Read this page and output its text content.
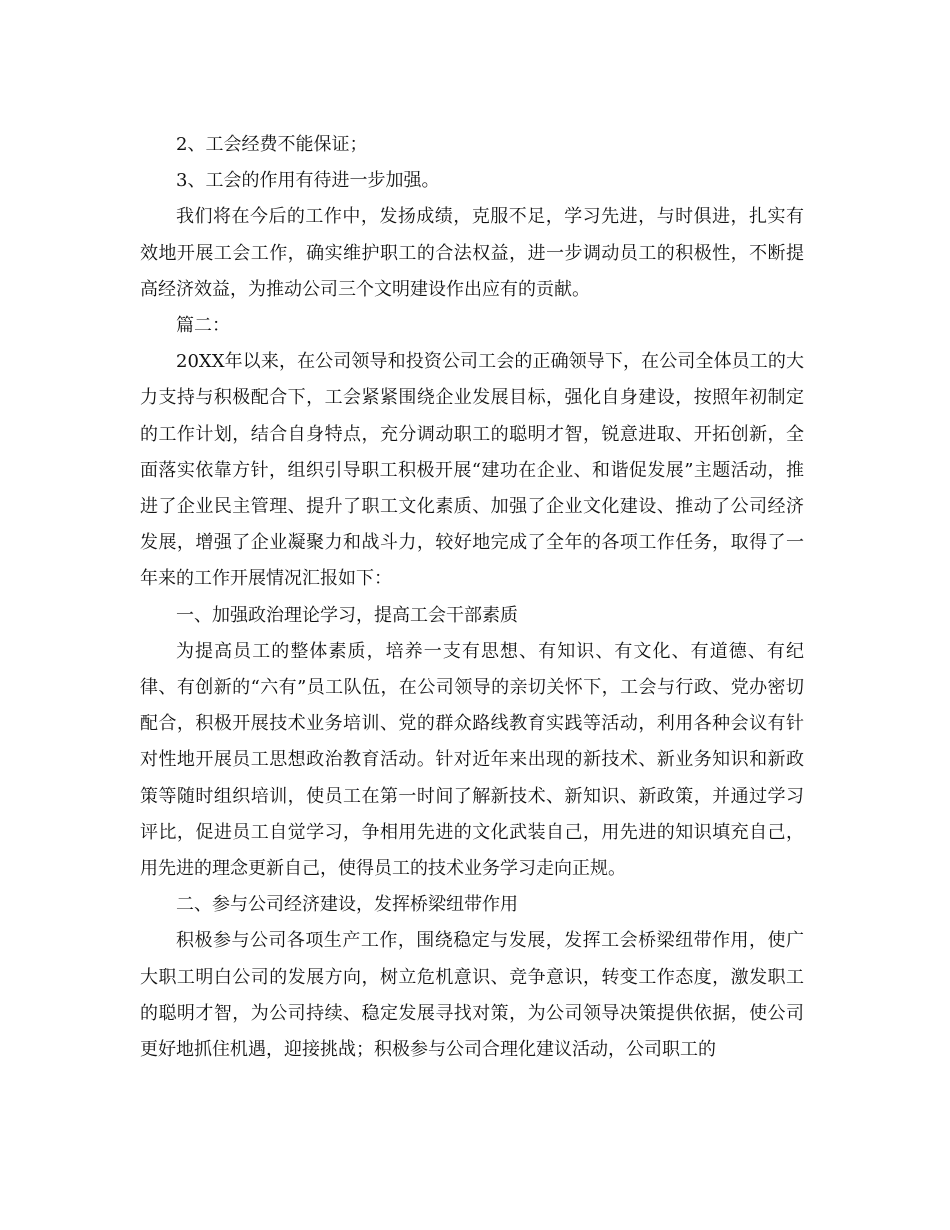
2、工会经费不能保证；

3、工会的作用有待进一步加强。

我们将在今后的工作中，发扬成绩，克服不足，学习先进，与时俱进，扎实有效地开展工会工作，确实维护职工的合法权益，进一步调动员工的积极性，不断提高经济效益，为推动公司三个文明建设作出应有的贡献。

篇二：

20XX年以来，在公司领导和投资公司工会的正确领导下，在公司全体员工的大力支持与积极配合下，工会紧紧围绕企业发展目标，强化自身建设，按照年初制定的工作计划，结合自身特点，充分调动职工的聪明才智，锐意进取、开拓创新，全面落实依靠方针，组织引导职工积极开展“建功在企业、和谐促发展”主题活动，推进了企业民主管理、提升了职工文化素质、加强了企业文化建设、推动了公司经济发展，增强了企业凝聚力和战斗力，较好地完成了全年的各项工作任务，取得了一年来的工作开展情况汇报如下：

一、加强政治理论学习，提高工会干部素质

为提高员工的整体素质，培养一支有思想、有知识、有文化、有道德、有纪律、有创新的“六有”员工队伍，在公司领导的亲切关怀下，工会与行政、党办密切配合，积极开展技术业务培训、党的群众路线教育实践等活动，利用各种会议有针对性地开展员工思想政治教育活动。针对近年来出现的新技术、新业务知识和新政策等随时组织培训，使员工在第一时间了解新技术、新知识、新政策，并通过学习评比，促进员工自觉学习，争相用先进的文化武装自己，用先进的知识填充自己，用先进的理念更新自己，使得员工的技术业务学习走向正规。

二、参与公司经济建设，发挥桥梁纽带作用

积极参与公司各项生产工作，围绕稳定与发展，发挥工会桥梁纽带作用，使广大职工明白公司的发展方向，树立危机意识、竞争意识，转变工作态度，激发职工的聪明才智，为公司持续、稳定发展寻找对策，为公司领导决策提供依据，使公司更好地抓住机遇，迎接挑战；积极参与公司合理化建议活动，公司职工的
